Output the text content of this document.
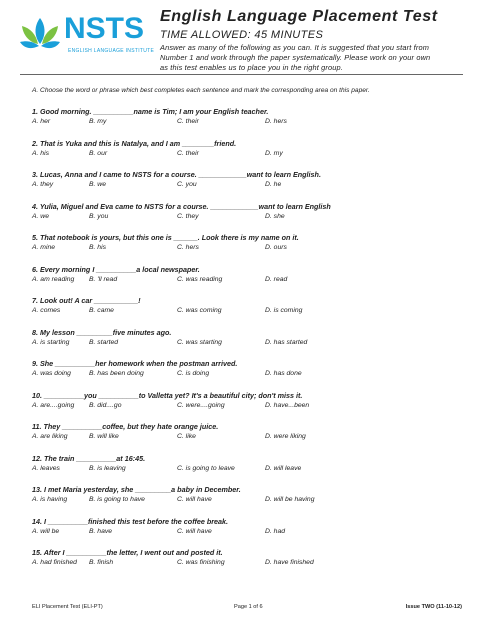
NSTS
ENGLISH LANGUAGE INSTITUTE
English Language Placement Test
TIME ALLOWED: 45 MINUTES
Answer as many of the following as you can. It is suggested that you start from
Number 1 and work through the paper systematically. Please work on your own
as this test enables us to place you in the right group.
A. Choose the word or phrase which best completes each sentence and mark the corresponding area on this paper.
1. Good morning. __________name is Tim; I am your English teacher.
A. her	B. my	C. their	D. hers
2. That is Yuka and this is Natalya, and I am ________friend.
A. his	B. our	C. their	D. my
3. Lucas, Anna and I came to NSTS for a course. ____________want to learn English.
A. they	B. we	C. you	D. he
4. Yulia, Miguel and Eva came to NSTS for a course. ____________want to learn English
A. we	B. you	C. they	D. she
5. That notebook is yours, but this one is ______. Look there is my name on it.
A. mine	B. his	C. hers	D. ours
6. Every morning I __________a local newspaper.
A. am reading B. 'll read	C. was reading	D. read
7. Look out! A car ___________!
A. comes	B. came	C. was coming	D. is coming
8. My lesson _________five minutes ago.
A. is starting	B. started	C. was starting	D. has started
9. She __________her homework when the postman arrived.
A. was doing	B. has been doing	C. is doing	D. has done
10. __________you __________to Valletta yet? It's a beautiful city; don't miss it.
A. are....going B. did....go	C. were....going	D. have...been
11. They __________coffee, but they hate orange juice.
A. are liking	B. will like	C. like	D. were liking
12. The train __________at 16:45.
A. leaves	B. is leaving	C. is going to leave	D. will leave
13. I met Maria yesterday, she _________a baby in December.
A. is having	B. is going to have	C. will have	D. will be having
14. I __________finished this test before the coffee break.
A. will be	B. have	C. will have	D. had
15. After I __________the letter, I went out and posted it.
A. had finished B. finish	C. was finishing	D. have finished
ELI Placement Test (ELI-PT)	Page 1 of 6	Issue TWO (11-10-12)
